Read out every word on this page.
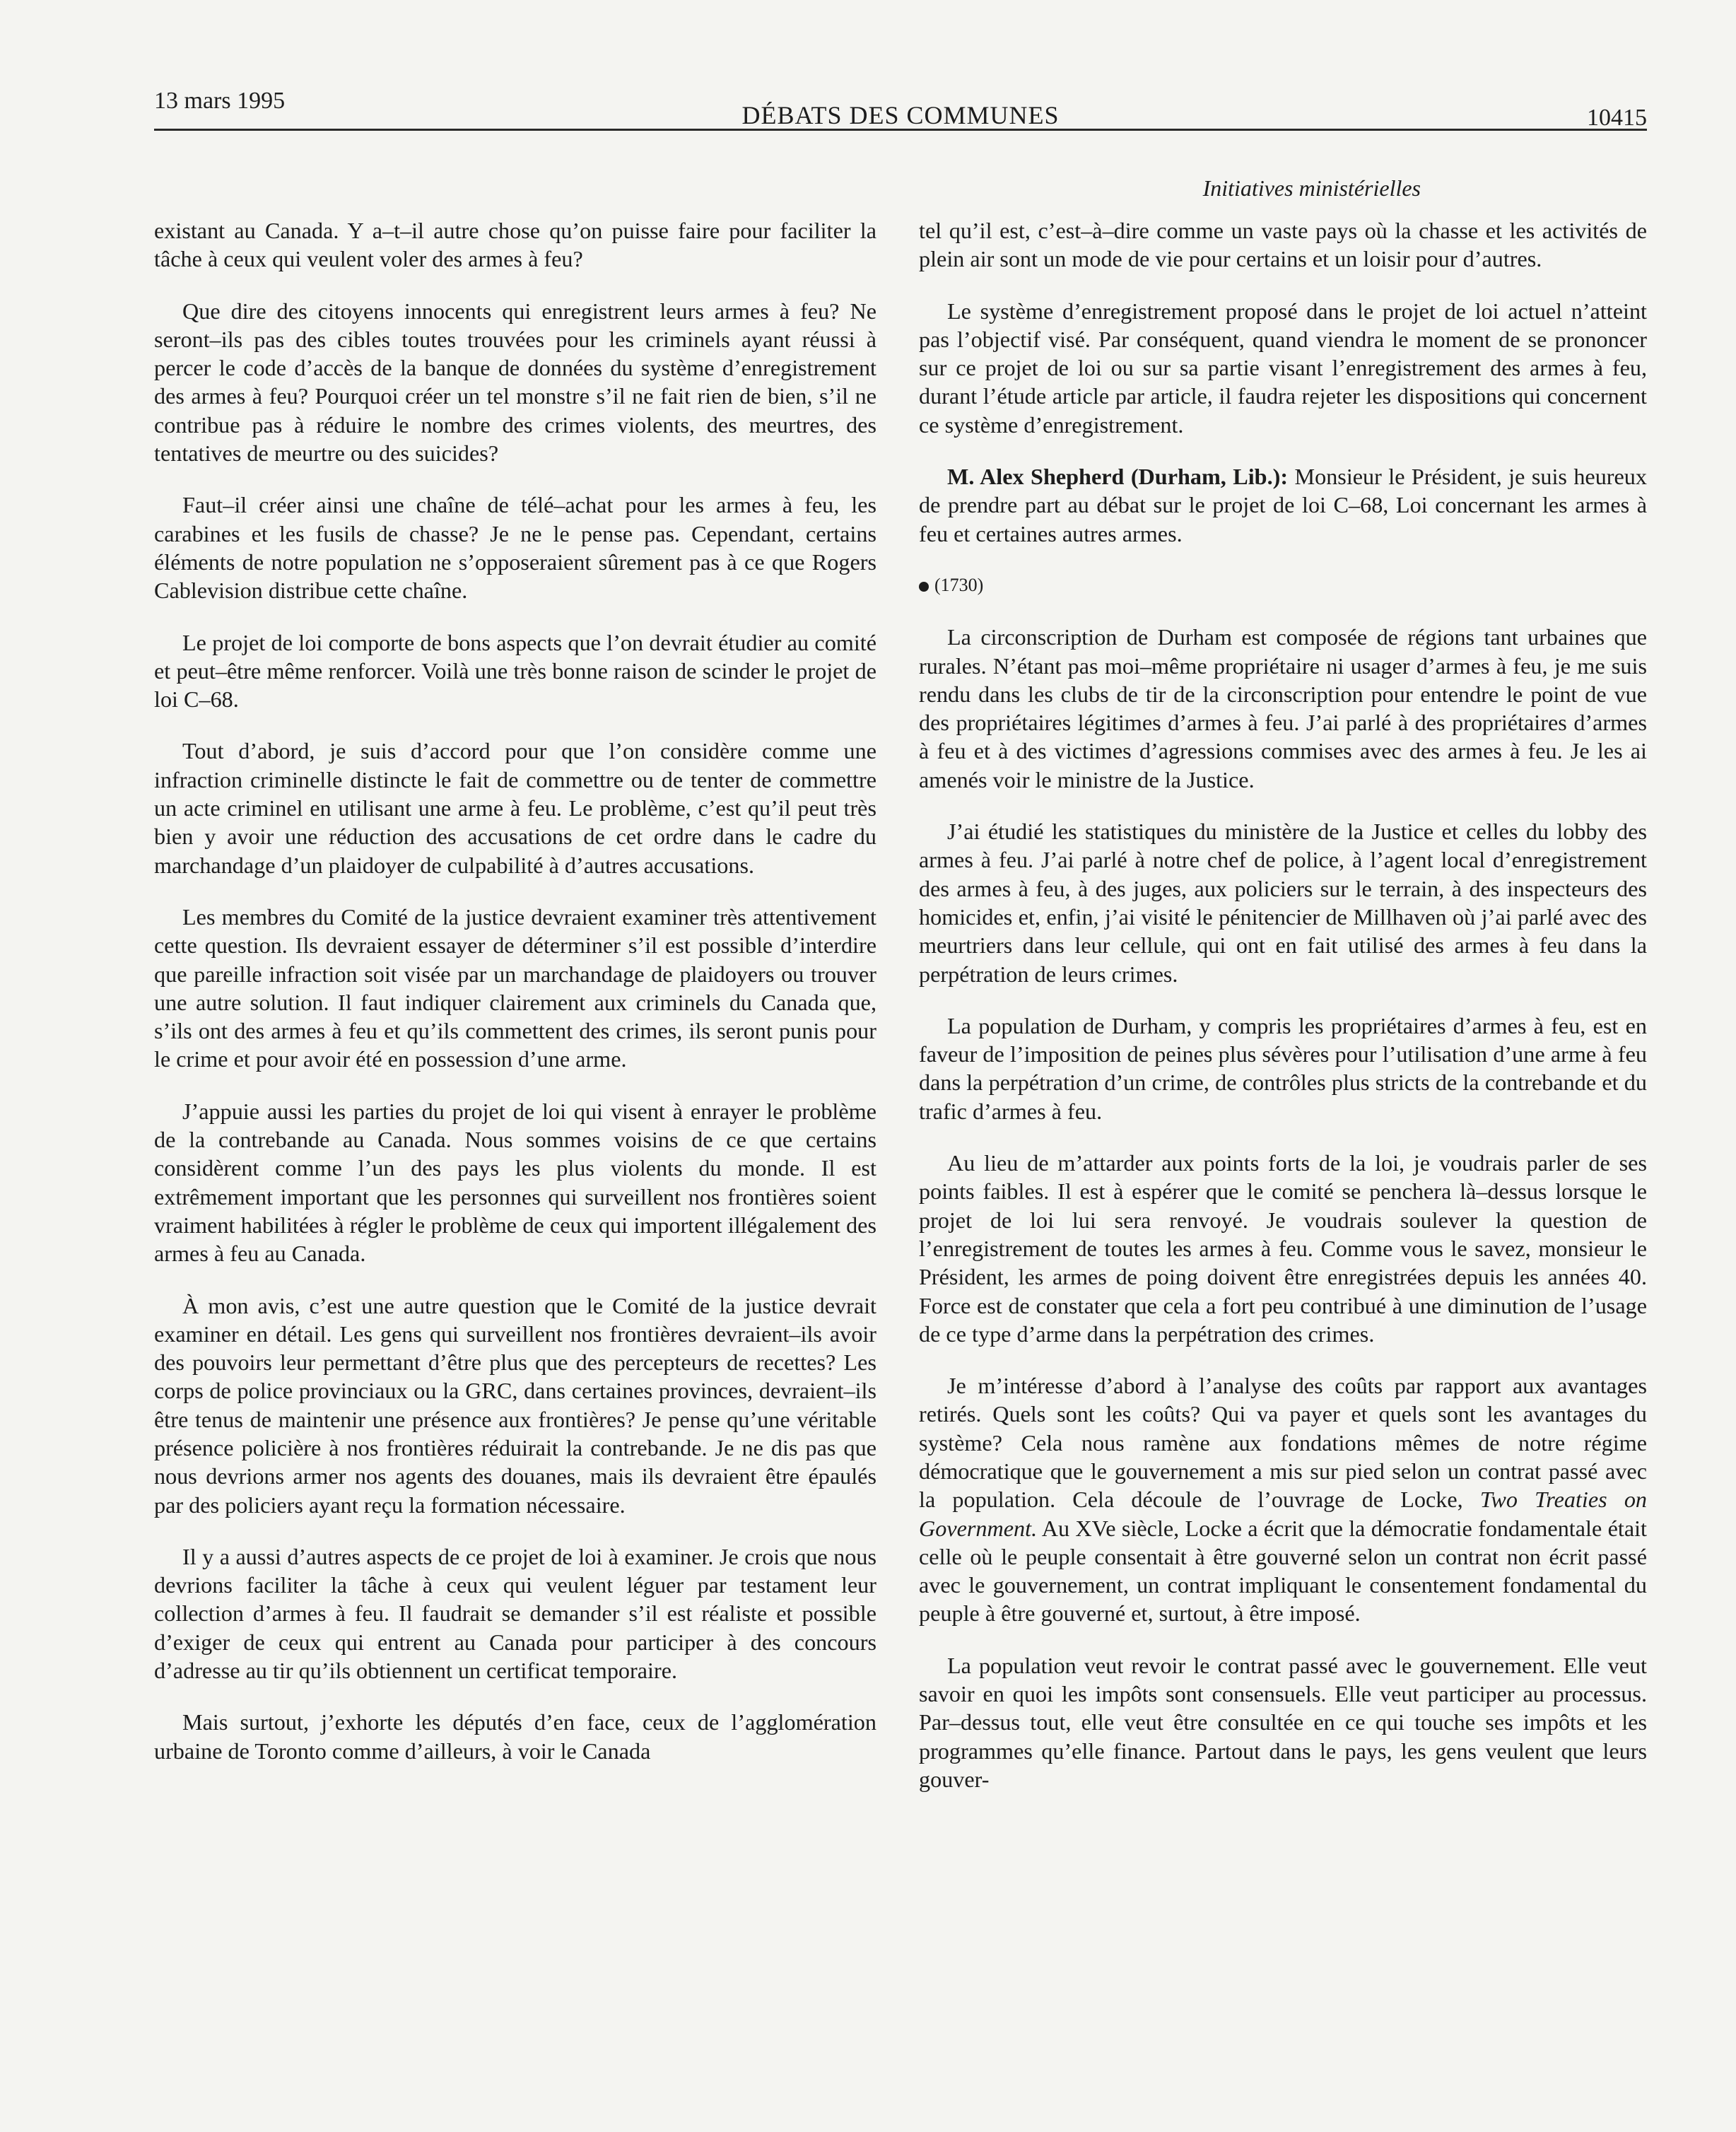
13 mars 1995
DÉBATS DES COMMUNES	10415
Initiatives ministérielles

existant au Canada. Y a–t–il autre chose qu’on puisse faire pour faciliter la tâche à ceux qui veulent voler des armes à feu?

Que dire des citoyens innocents qui enregistrent leurs armes à feu? Ne seront–ils pas des cibles toutes trouvées pour les criminels ayant réussi à percer le code d’accès de la banque de données du système d’enregistrement des armes à feu? Pourquoi créer un tel monstre s’il ne fait rien de bien, s’il ne contribue pas à réduire le nombre des crimes violents, des meurtres, des tentatives de meurtre ou des suicides?

Faut–il créer ainsi une chaîne de télé–achat pour les armes à feu, les carabines et les fusils de chasse? Je ne le pense pas. Cependant, certains éléments de notre population ne s’opposeraient sûrement pas à ce que Rogers Cablevision distribue cette chaîne.

Le projet de loi comporte de bons aspects que l’on devrait étudier au comité et peut–être même renforcer. Voilà une très bonne raison de scinder le projet de loi C–68.

Tout d’abord, je suis d’accord pour que l’on considère comme une infraction criminelle distincte le fait de commettre ou de tenter de commettre un acte criminel en utilisant une arme à feu. Le problème, c’est qu’il peut très bien y avoir une réduction des accusations de cet ordre dans le cadre du marchandage d’un plaidoyer de culpabilité à d’autres accusations.

Les membres du Comité de la justice devraient examiner très attentivement cette question. Ils devraient essayer de déterminer s’il est possible d’interdire que pareille infraction soit visée par un marchandage de plaidoyers ou trouver une autre solution. Il faut indiquer clairement aux criminels du Canada que, s’ils ont des armes à feu et qu’ils commettent des crimes, ils seront punis pour le crime et pour avoir été en possession d’une arme.

J’appuie aussi les parties du projet de loi qui visent à enrayer le problème de la contrebande au Canada. Nous sommes voisins de ce que certains considèrent comme l’un des pays les plus violents du monde. Il est extrêmement important que les personnes qui surveillent nos frontières soient vraiment habilitées à régler le problème de ceux qui importent illégalement des armes à feu au Canada.

À mon avis, c’est une autre question que le Comité de la justice devrait examiner en détail. Les gens qui surveillent nos frontières devraient–ils avoir des pouvoirs leur permettant d’être plus que des percepteurs de recettes? Les corps de police provinciaux ou la GRC, dans certaines provinces, devraient–ils être tenus de maintenir une présence aux frontières? Je pense qu’une véritable présence policière à nos frontières réduirait la contrebande. Je ne dis pas que nous devrions armer nos agents des douanes, mais ils devraient être épaulés par des policiers ayant reçu la formation nécessaire.

Il y a aussi d’autres aspects de ce projet de loi à examiner. Je crois que nous devrions faciliter la tâche à ceux qui veulent léguer par testament leur collection d’armes à feu. Il faudrait se demander s’il est réaliste et possible d’exiger de ceux qui entrent au Canada pour participer à des concours d’adresse au tir qu’ils obtiennent un certificat temporaire.

Mais surtout, j’exhorte les députés d’en face, ceux de l’agglomération urbaine de Toronto comme d’ailleurs, à voir le Canada

tel qu’il est, c’est–à–dire comme un vaste pays où la chasse et les activités de plein air sont un mode de vie pour certains et un loisir pour d’autres.

Le système d’enregistrement proposé dans le projet de loi actuel n’atteint pas l’objectif visé. Par conséquent, quand viendra le moment de se prononcer sur ce projet de loi ou sur sa partie visant l’enregistrement des armes à feu, durant l’étude article par article, il faudra rejeter les dispositions qui concernent ce système d’enregistrement.

M. Alex Shepherd (Durham, Lib.): Monsieur le Président, je suis heureux de prendre part au débat sur le projet de loi C–68, Loi concernant les armes à feu et certaines autres armes.

(1730)

La circonscription de Durham est composée de régions tant urbaines que rurales. N’étant pas moi–même propriétaire ni usager d’armes à feu, je me suis rendu dans les clubs de tir de la circonscription pour entendre le point de vue des propriétaires légitimes d’armes à feu. J’ai parlé à des propriétaires d’armes à feu et à des victimes d’agressions commises avec des armes à feu. Je les ai amenés voir le ministre de la Justice.

J’ai étudié les statistiques du ministère de la Justice et celles du lobby des armes à feu. J’ai parlé à notre chef de police, à l’agent local d’enregistrement des armes à feu, à des juges, aux policiers sur le terrain, à des inspecteurs des homicides et, enfin, j’ai visité le pénitencier de Millhaven où j’ai parlé avec des meurtriers dans leur cellule, qui ont en fait utilisé des armes à feu dans la perpétration de leurs crimes.

La population de Durham, y compris les propriétaires d’armes à feu, est en faveur de l’imposition de peines plus sévères pour l’utilisation d’une arme à feu dans la perpétration d’un crime, de contrôles plus stricts de la contrebande et du trafic d’armes à feu.

Au lieu de m’attarder aux points forts de la loi, je voudrais parler de ses points faibles. Il est à espérer que le comité se penchera là–dessus lorsque le projet de loi lui sera renvoyé. Je voudrais soulever la question de l’enregistrement de toutes les armes à feu. Comme vous le savez, monsieur le Président, les armes de poing doivent être enregistrées depuis les années 40. Force est de constater que cela a fort peu contribué à une diminution de l’usage de ce type d’arme dans la perpétration des crimes.

Je m’intéresse d’abord à l’analyse des coûts par rapport aux avantages retirés. Quels sont les coûts? Qui va payer et quels sont les avantages du système? Cela nous ramène aux fondations mêmes de notre régime démocratique que le gouvernement a mis sur pied selon un contrat passé avec la population. Cela découle de l’ouvrage de Locke, Two Treaties on Government. Au XVe siècle, Locke a écrit que la démocratie fondamentale était celle où le peuple consentait à être gouverné selon un contrat non écrit passé avec le gouvernement, un contrat impliquant le consentement fondamental du peuple à être gouverné et, surtout, à être imposé.

La population veut revoir le contrat passé avec le gouvernement. Elle veut savoir en quoi les impôts sont consensuels. Elle veut participer au processus. Par–dessus tout, elle veut être consultée en ce qui touche ses impôts et les programmes qu’elle finance. Partout dans le pays, les gens veulent que leurs gouver-
